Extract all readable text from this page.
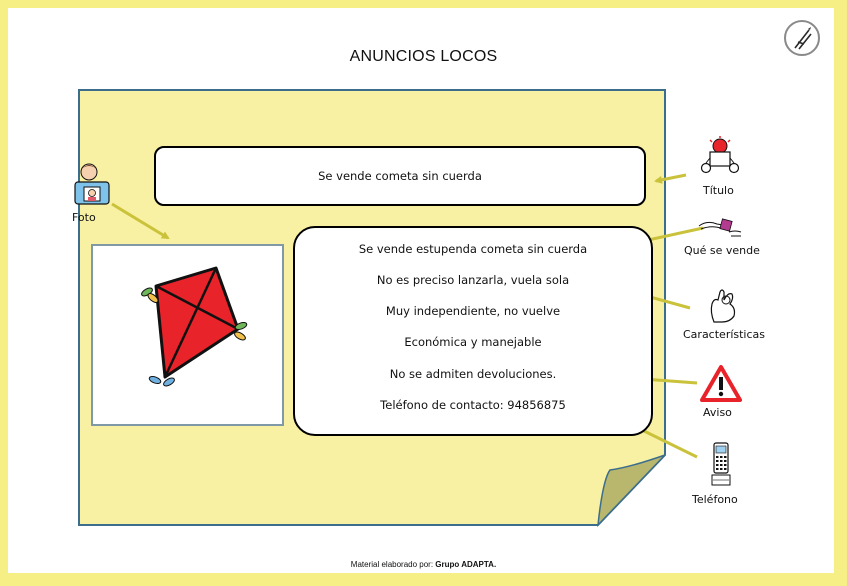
ANUNCIOS LOCOS
Se vende cometa sin cuerda
Se vende estupenda cometa sin cuerda
No es preciso lanzarla, vuela sola
Muy independiente, no vuelve
Económica y manejable
No se admiten devoluciones.
Teléfono de contacto: 94856875
Foto
Título
Qué se vende
Características
Aviso
Teléfono
Material elaborado por: Grupo ADAPTA.
